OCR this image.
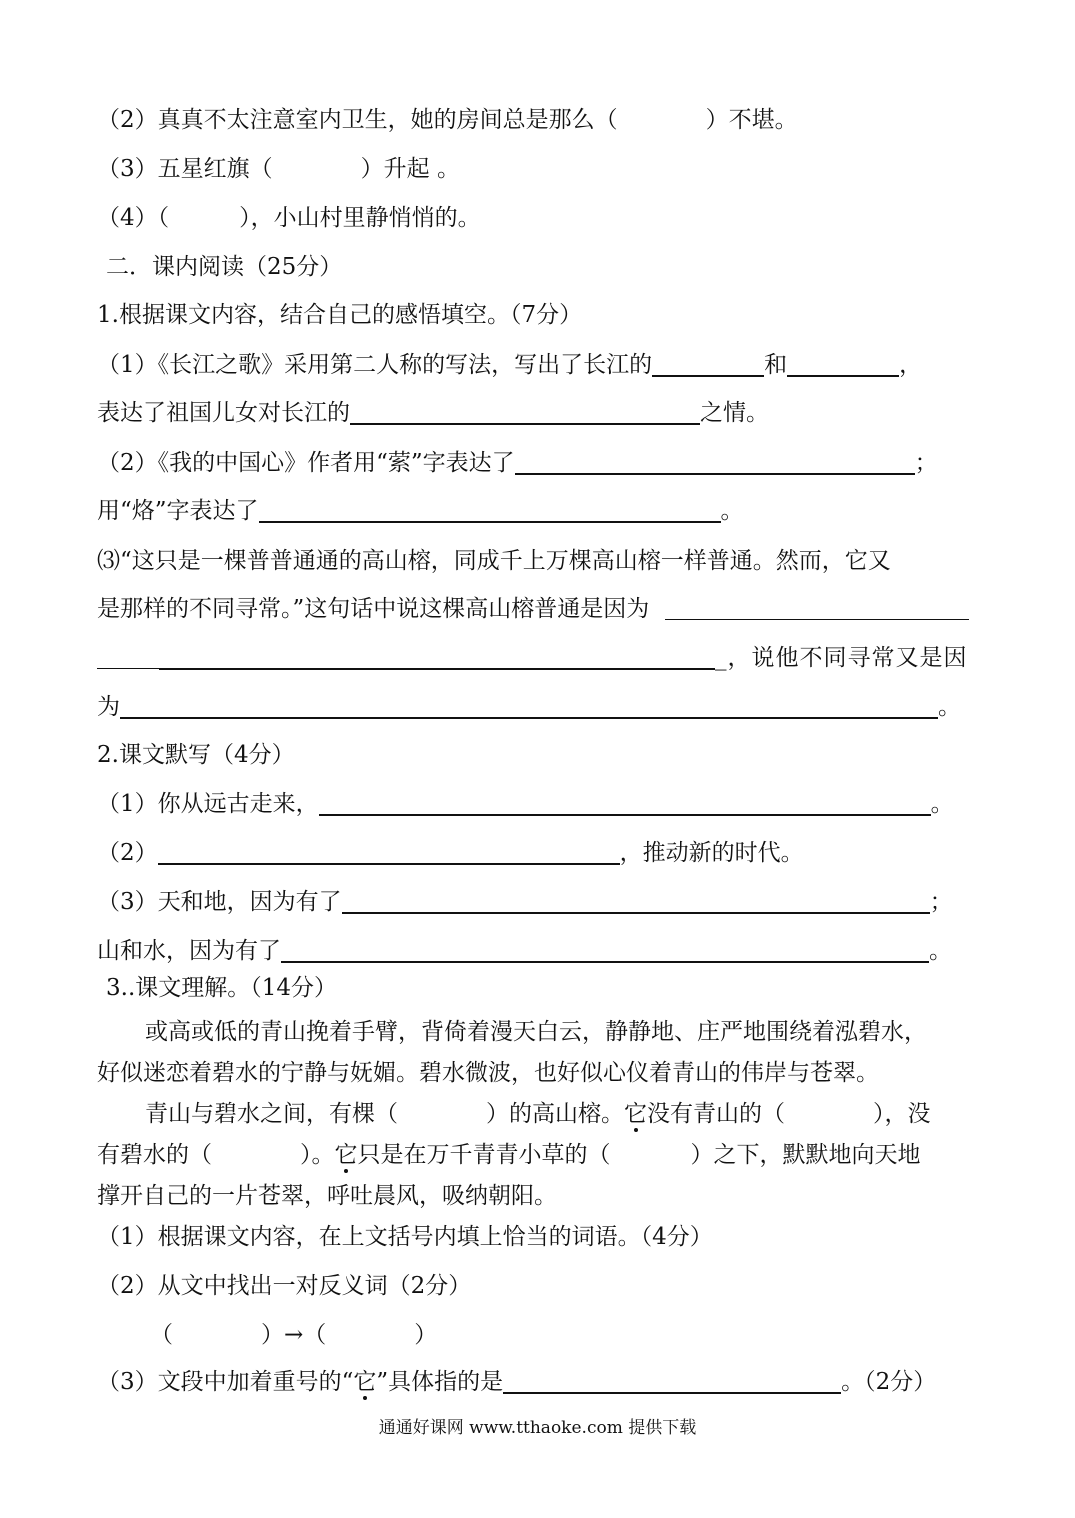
（2）真真不太注意室内卫生，她的房间总是那么（	）不堪。
（3）五星红旗（	）升起 。
（4）（	），小山村里静悄悄的。
二．课内阅读（25分）
1.根据课文内容，结合自己的感悟填空。（7分）
（1）《长江之歌》采用第二人称的写法，写出了长江的	和	，
表达了祖国儿女对长江的	之情。
（2）《我的中国心》作者用“萦”字表达了	；
用“烙”字表达了	。
⑶“这只是一棵普普通通的高山榕，同成千上万棵高山榕一样普通。然而，它又
是那样的不同寻常。”这句话中说这棵高山榕普通是因为
_，说他不同寻常又是因
为	。
2.课文默写（4分）
（1）你从远古走来，	。
（2）	，推动新的时代。
（3）天和地，因为有了	；
山和水，因为有了	。
3..课文理解。（14分）
或高或低的青山挽着手臂，背倚着漫天白云，静静地、庄严地围绕着泓碧水，
好似迷恋着碧水的宁静与妩媚。碧水微波，也好似心仪着青山的伟岸与苍翠。
青山与碧水之间，有棵（	）的高山榕。它没有青山的（	），没
有碧水的（	）。它只是在万千青青小草的（	）之下，默默地向天地
撑开自己的一片苍翠，呼吐晨风，吸纳朝阳。
（1）根据课文内容，在上文括号内填上恰当的词语。（4分）
（2）从文中找出一对反义词（2分）
（	）→（	）
（3）文段中加着重号的“它”具体指的是	。（2分）
通通好课网 www.tthaoke.com 提供下载
